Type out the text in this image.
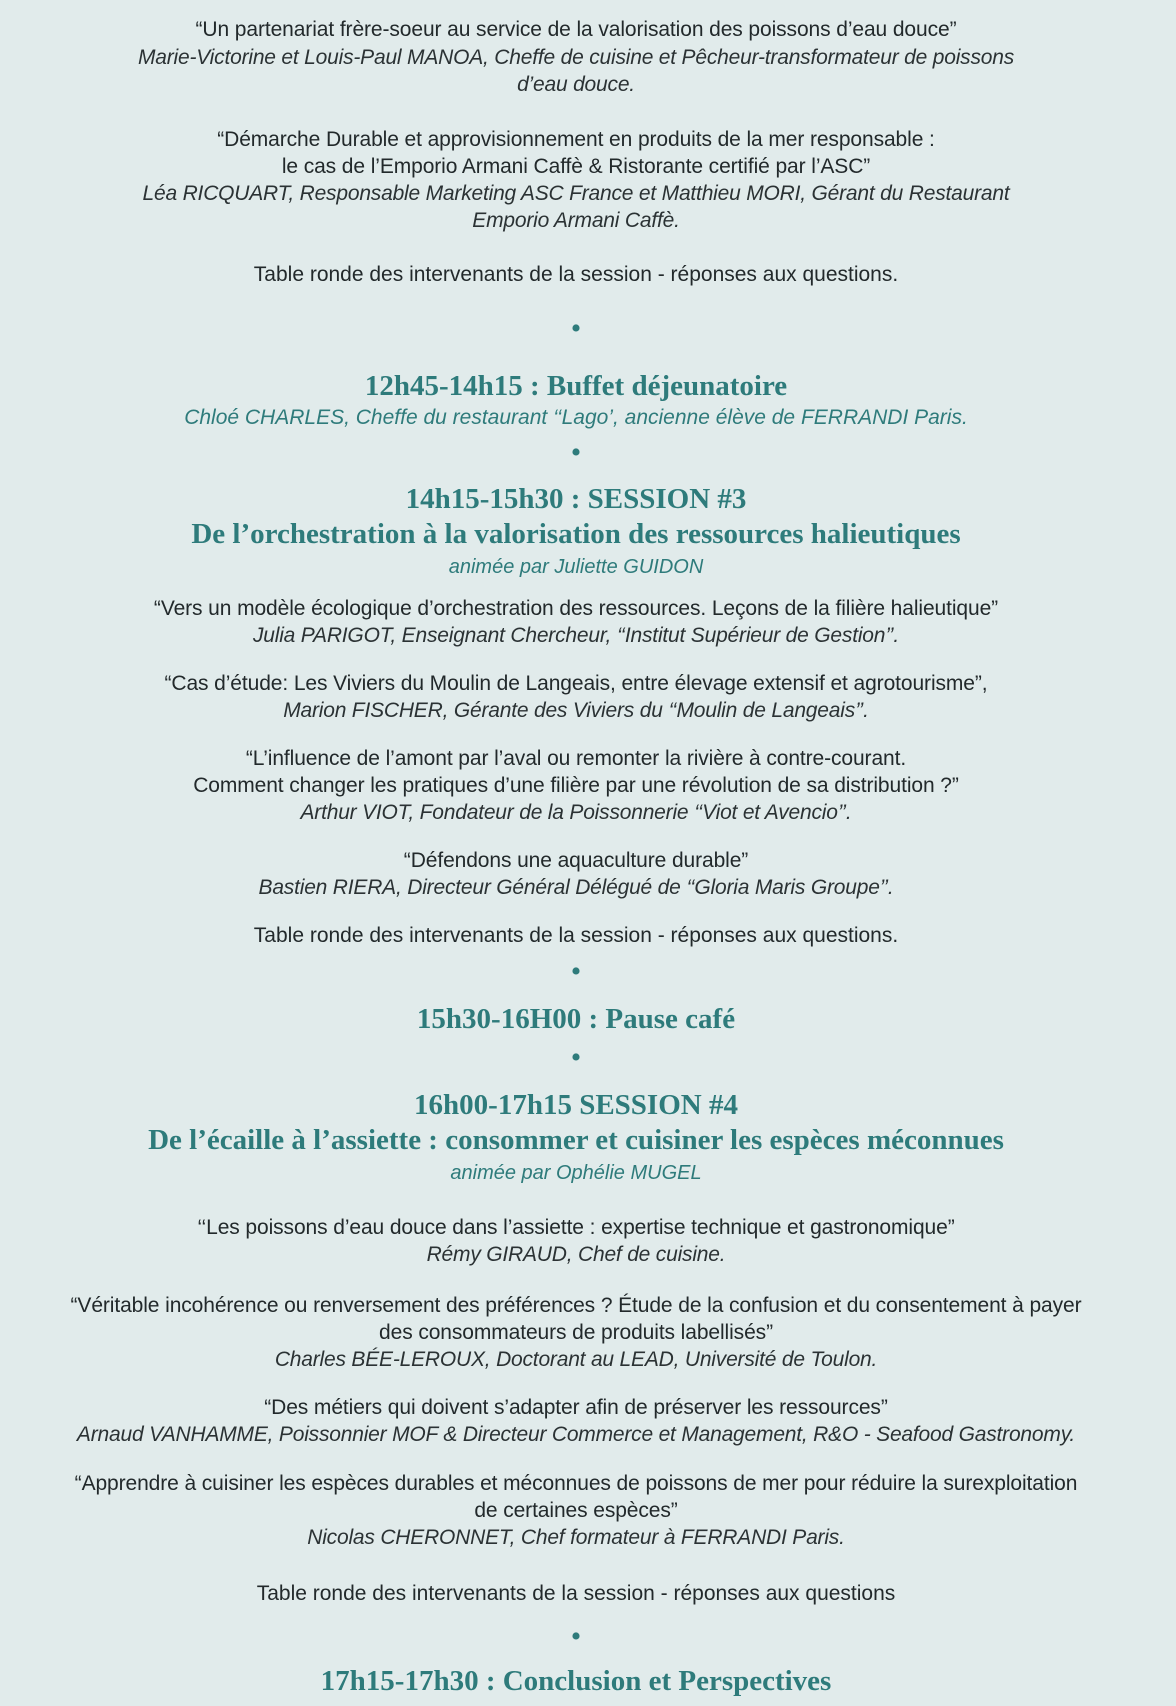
“Un partenariat frère-soeur au service de la valorisation des poissons d’eau douce”
Marie-Victorine et Louis-Paul MANOA, Cheffe de cuisine et Pêcheur-transformateur de poissons
d’eau douce.
“Démarche Durable et approvisionnement en produits de la mer responsable :
le cas de l’Emporio Armani Caffè & Ristorante certifié par l’ASC”
Léa RICQUART, Responsable Marketing ASC France et Matthieu MORI, Gérant du Restaurant
Emporio Armani Caffè.
Table ronde des intervenants de la session - réponses aux questions.
•
12h45-14h15 : Buffet déjeunatoire
Chloé CHARLES, Cheffe du restaurant ‘‘Lago’, ancienne élève de FERRANDI Paris.
•
14h15-15h30 : SESSION #3
De l’orchestration à la valorisation des ressources halieutiques
animée par Juliette GUIDON
“Vers un modèle écologique d’orchestration des ressources. Leçons de la filière halieutique”
Julia PARIGOT, Enseignant Chercheur, ‘‘Institut Supérieur de Gestion’’.
“Cas d’étude: Les Viviers du Moulin de Langeais, entre élevage extensif et agrotourisme”,
Marion FISCHER, Gérante des Viviers du ‘‘Moulin de Langeais’’.
“L’influence de l’amont par l’aval ou remonter la rivière à contre-courant.
Comment changer les pratiques d’une filière par une révolution de sa distribution ?”
Arthur VIOT, Fondateur de la Poissonnerie ‘‘Viot et Avencio’’.
“Défendons une aquaculture durable”
Bastien RIERA, Directeur Général Délégué de ‘‘Gloria Maris Groupe’’.
Table ronde des intervenants de la session - réponses aux questions.
•
15h30-16H00 : Pause café
•
16h00-17h15 SESSION #4
De l’écaille à l’assiette : consommer et cuisiner les espèces méconnues
animée par Ophélie MUGEL
‘‘Les poissons d’eau douce dans l’assiette : expertise technique et gastronomique”
Rémy GIRAUD, Chef de cuisine.
“Véritable incohérence ou renversement des préférences ? Étude de la confusion et du consentement à payer
des consommateurs de produits labellisés”
Charles BÉE-LEROUX, Doctorant au LEAD, Université de Toulon.
“Des métiers qui doivent s’adapter afin de préserver les ressources”
Arnaud VANHAMME, Poissonnier MOF & Directeur Commerce et Management, R&O - Seafood Gastronomy.
“Apprendre à cuisiner les espèces durables et méconnues de poissons de mer pour réduire la surexploitation
de certaines espèces”
Nicolas CHERONNET, Chef formateur à FERRANDI Paris.
Table ronde des intervenants de la session - réponses aux questions
•
17h15-17h30 : Conclusion et Perspectives
